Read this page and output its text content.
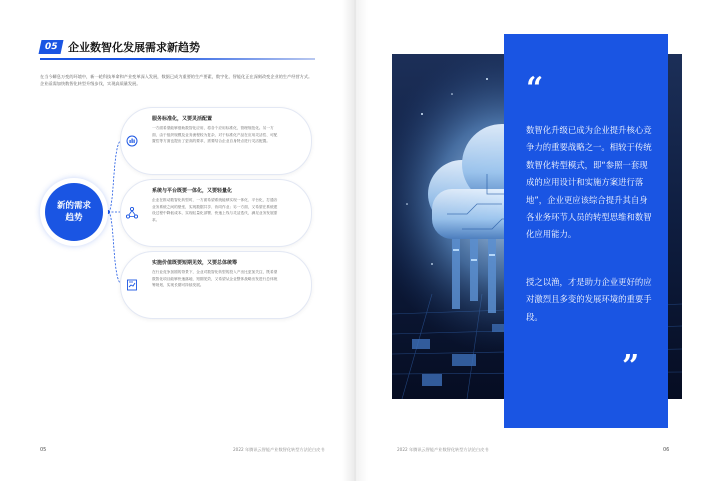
05 企业数智化发展需求新趋势
在当今瞬息万变的环境中，新一轮科技革命和产业变革深入发展，数据已成为重要的生产要素，数字化、智能化正在深刻改变企业的生产经营方式。企业亟需加快数智化转型升级步伐，实现高质量发展。
新的需求
趋势
服务标准化，又要灵活配置
一方面希望能够借助数智化应用，将各个应用标准化，管理规范化。另一方面，由于组织规模及业务流程较为复杂，对于标准化产品在应用灵活性、可配置性等方面也提出了更高的要求，需要结合企业自身特点进行灵活配置。
系统与平台既要一体化，又要轻量化
企业在推动数智化转型时，一方面希望系统能够实现一体化、平台化，打通各业务系统之间的壁垒，实现数据共享、协同作业；另一方面，又希望在系统建设过程中降低成本，实现轻量化部署、快速上线与灵活迭代，满足业务发展需求。
实施价值既要短期见效，又要总体统筹
在行业竞争加剧的背景下，企业对数智化转型的投入产出比更加关注，既希望数智化项目能够快速落地、短期见效，又希望从企业整体战略出发进行总体统筹规划，实现长期可持续发展。
05	2022 年腾讯云智能产业数智化转型方法论白皮书
“
数智化升级已成为企业提升核心竞争力的重要战略之一。相较于传统数智化转型模式，即“参照一套现成的应用设计和实施方案进行落地”，企业更应该综合提升其自身各业务环节人员的转型思维和数智化应用能力。
授之以渔，才是助力企业更好的应对激烈且多变的发展环境的重要手段。
”
2022 年腾讯云智能产业数智化转型方法论白皮书	06
